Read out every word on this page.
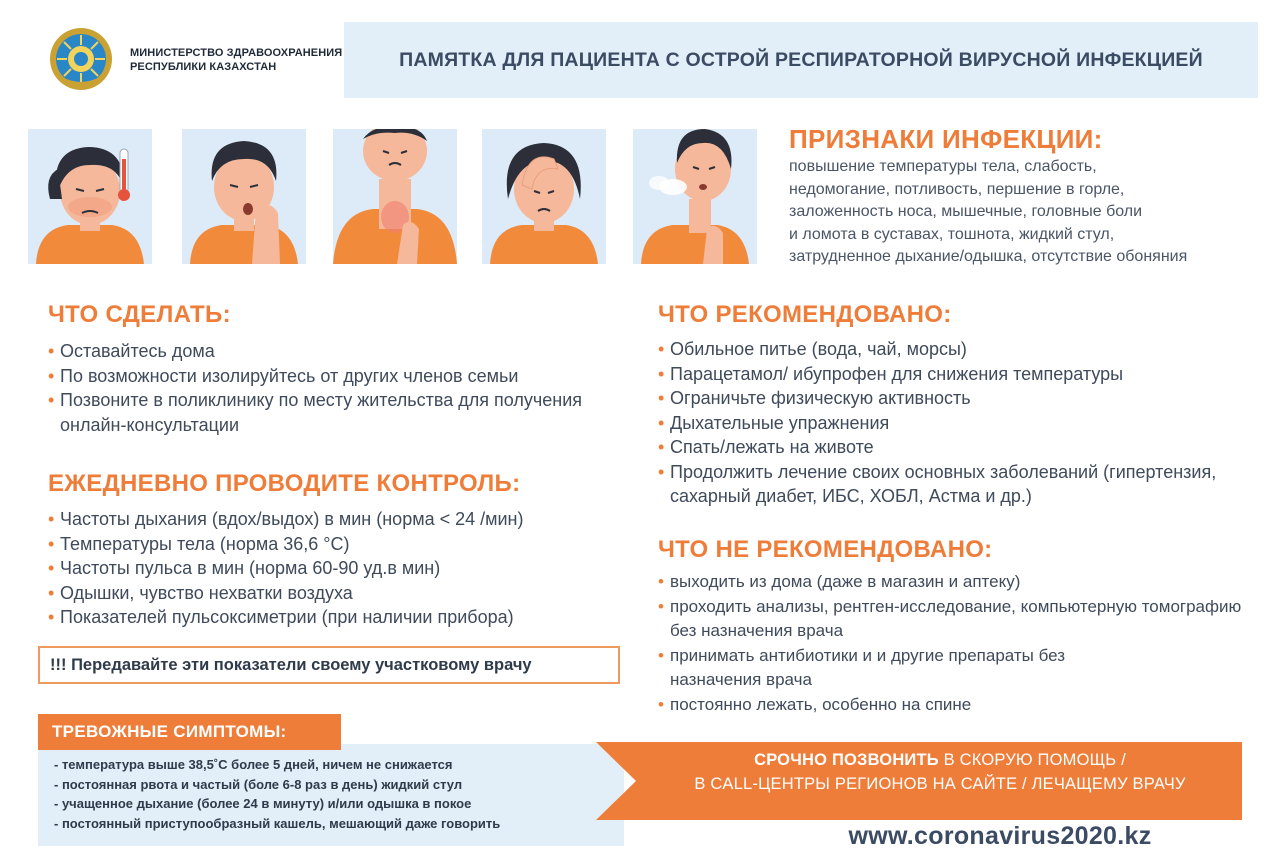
МИНИСТЕРСТВО ЗДРАВООХРАНЕНИЯ
РЕСПУБЛИКИ КАЗАХСТАН	ПАМЯТКА ДЛЯ ПАЦИЕНТА С ОСТРОЙ РЕСПИРАТОРНОЙ ВИРУСНОЙ ИНФЕКЦИЕЙ
ПРИЗНАКИ ИНФЕКЦИИ:
повышение температуры тела, слабость,
недомогание, потливость, першение в горле,
заложенность носа, мышечные, головные боли
и ломота в суставах, тошнота, жидкий стул,
затрудненное дыхание/одышка, отсутствие обоняния
ЧТО СДЕЛАТЬ:
• Оставайтесь дома
• По возможности изолируйтесь от других членов семьи
• Позвоните в поликлинику по месту жительства для получения онлайн-консультации
ЕЖЕДНЕВНО ПРОВОДИТЕ КОНТРОЛЬ:
• Частоты дыхания (вдох/выдох) в мин (норма < 24 /мин)
• Температуры тела (норма 36,6 °С)
• Частоты пульса в мин (норма 60-90 уд.в мин)
• Одышки, чувство нехватки воздуха
• Показателей пульсоксиметрии (при наличии прибора)
!!! Передавайте эти показатели своему участковому врачу
ЧТО РЕКОМЕНДОВАНО:
• Обильное питье (вода, чай, морсы)
• Парацетамол/ ибупрофен для снижения температуры
• Ограничьте физическую активность
• Дыхательные упражнения
• Спать/лежать на животе
• Продолжить лечение своих основных заболеваний (гипертензия, сахарный диабет, ИБС, ХОБЛ, Астма и др.)
ЧТО НЕ РЕКОМЕНДОВАНО:
• выходить из дома (даже в магазин и аптеку)
• проходить анализы, рентген-исследование, компьютерную томографию без назначения врача
• принимать антибиотики и и другие препараты без назначения врача
• постоянно лежать, особенно на спине
ТРЕВОЖНЫЕ СИМПТОМЫ:
- температура выше 38,5˚С более 5 дней, ничем не снижается
- постоянная рвота и частый (боле 6-8 раз в день) жидкий стул
- учащенное дыхание (более 24 в минуту) и/или одышка в покое
- постоянный приступообразный кашель, мешающий даже говорить
СРОЧНО ПОЗВОНИТЬ В СКОРУЮ ПОМОЩЬ /
В CALL-ЦЕНТРЫ РЕГИОНОВ НА САЙТЕ / ЛЕЧАЩЕМУ ВРАЧУ
www.coronavirus2020.kz
